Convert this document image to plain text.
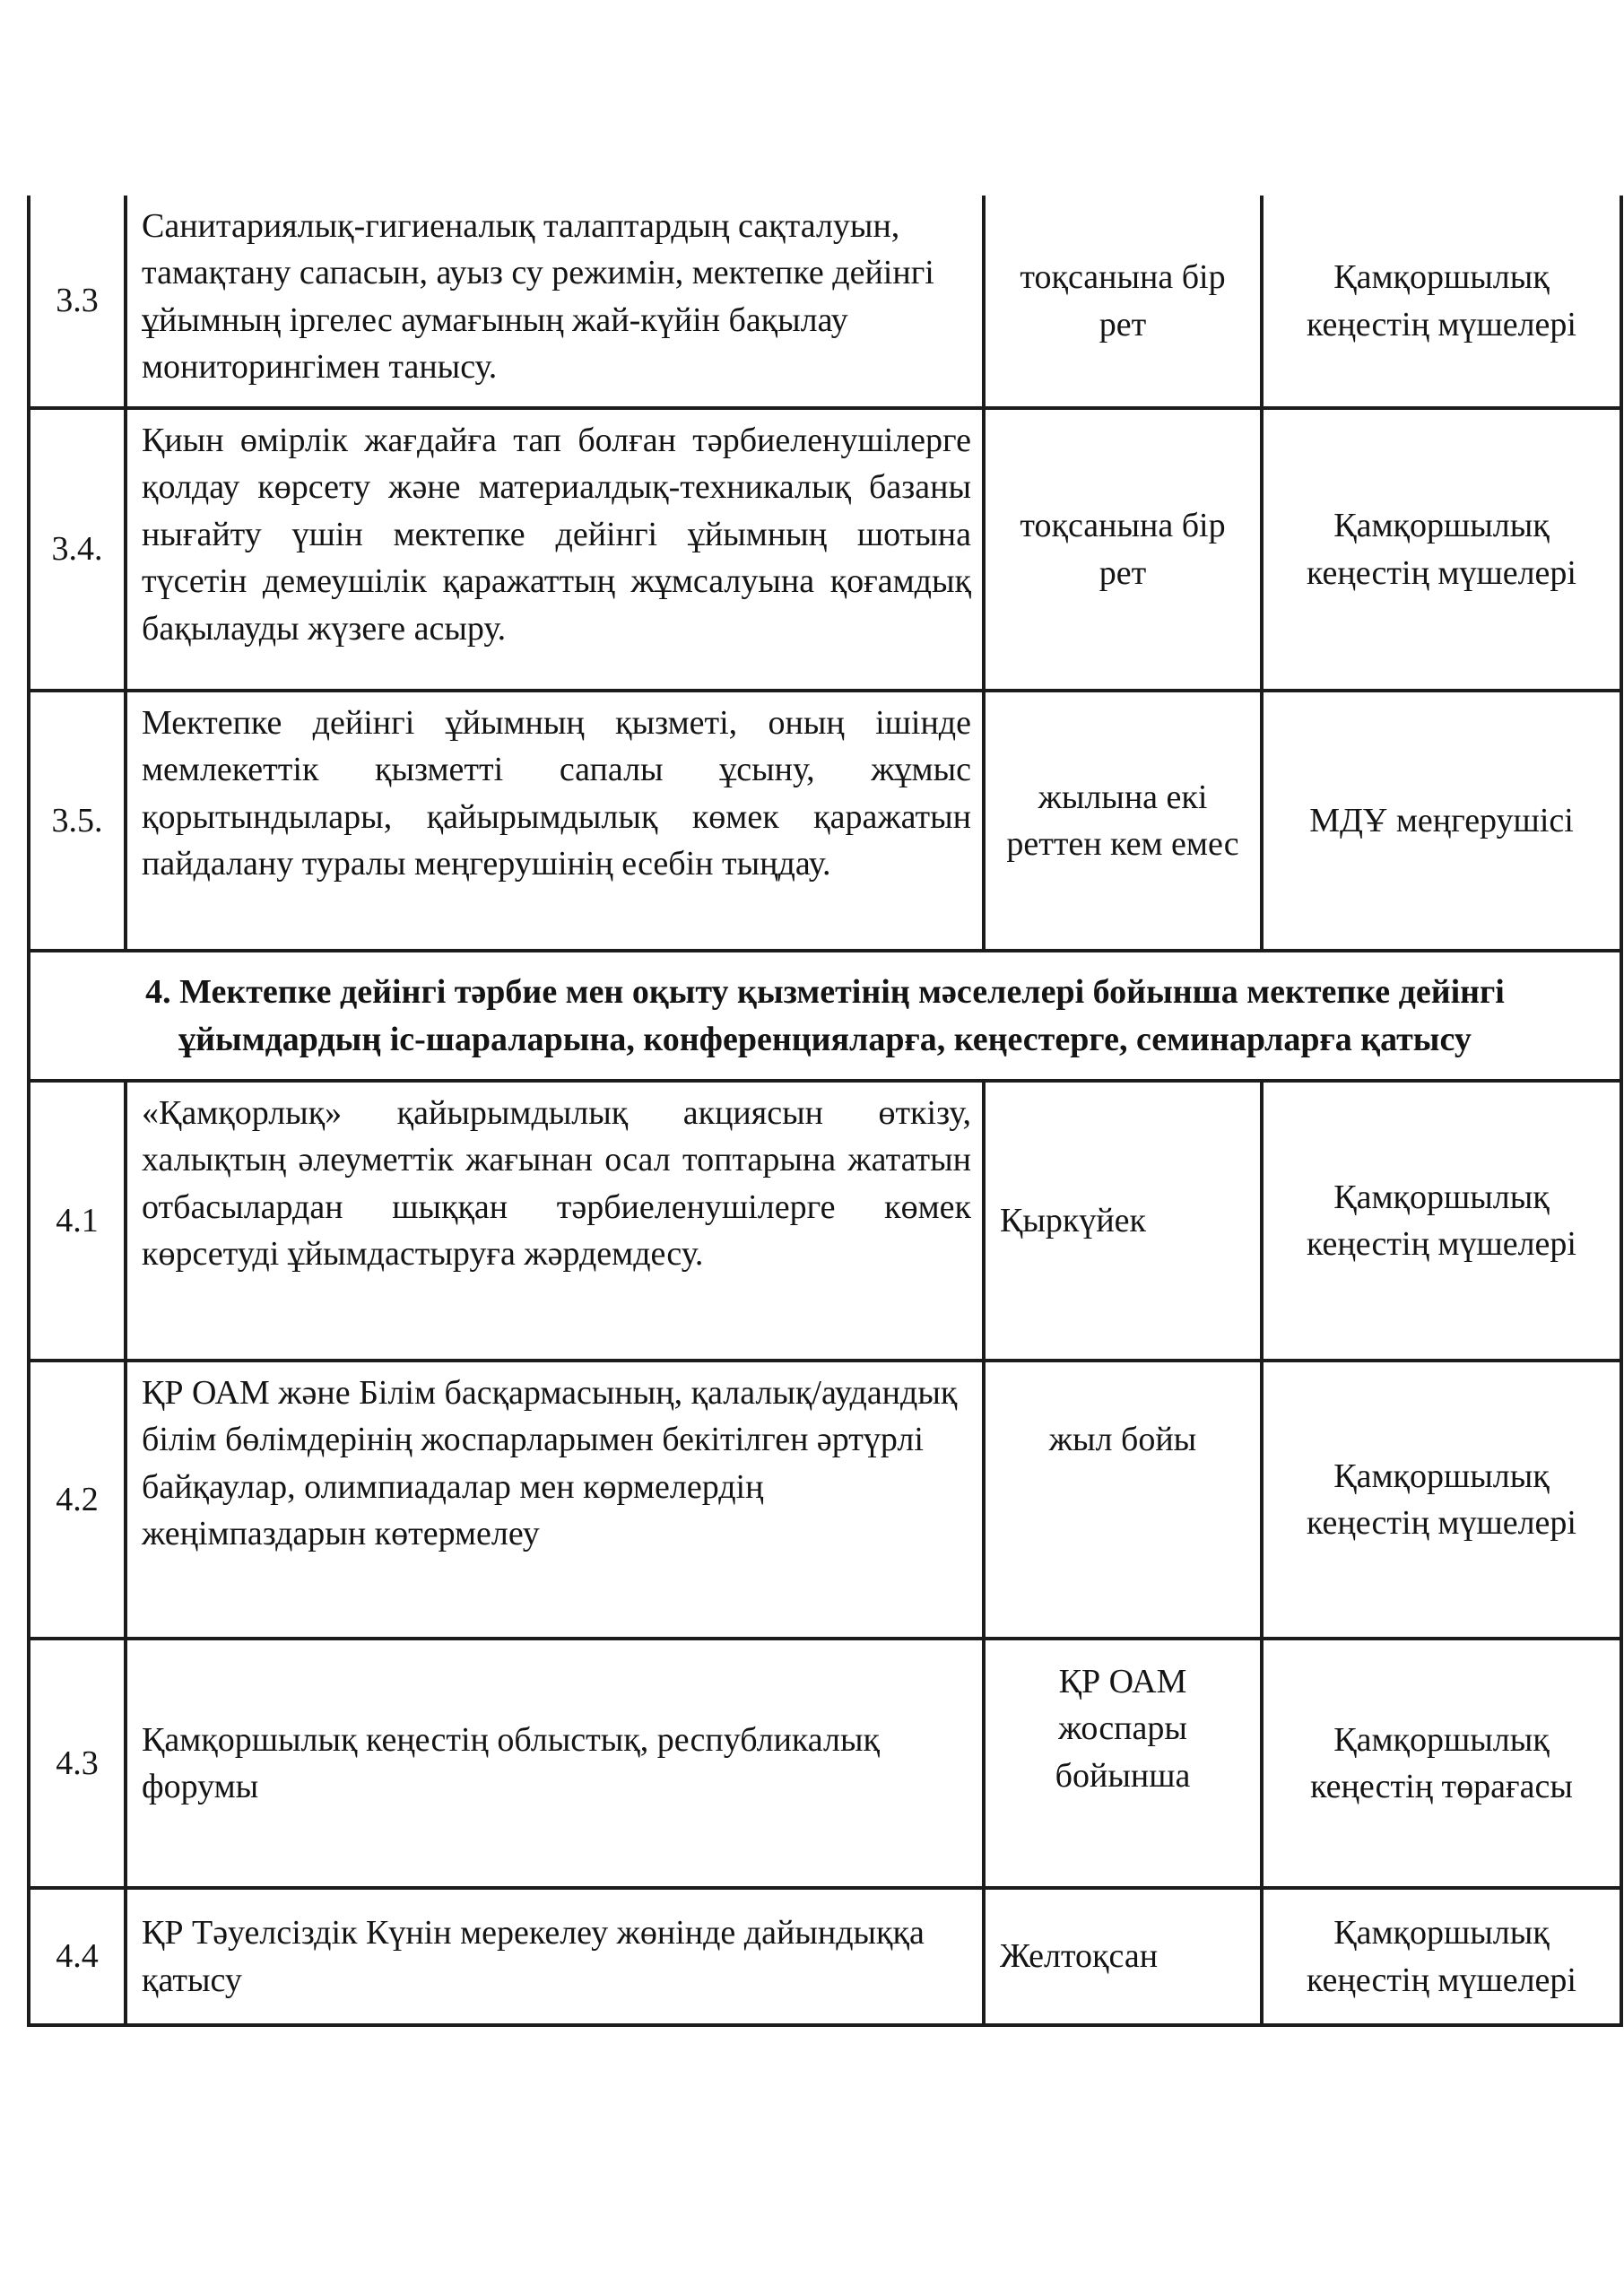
3.3	Санитариялық-гигиеналық талаптардың сақталуын, тамақтану сапасын, ауыз су режимін, мектепке дейінгі ұйымның іргелес аумағының жай-күйін бақылау мониторингімен танысу.	тоқсанына бір рет	Қамқоршылық кеңестің мүшелері
3.4.	Қиын өмірлік жағдайға тап болған тәрбиеленушілерге қолдау көрсету және материалдық-техникалық базаны нығайту үшін мектепке дейінгі ұйымның шотына түсетін демеушілік қаражаттың жұмсалуына қоғамдық бақылауды жүзеге асыру.	тоқсанына бір рет	Қамқоршылық кеңестің мүшелері
3.5.	Мектепке дейінгі ұйымның қызметі, оның ішінде мемлекеттік қызметті сапалы ұсыну, жұмыс қорытындылары, қайырымдылық көмек қаражатын пайдалану туралы меңгерушінің есебін тыңдау.	жылына екі реттен кем емес	МДҰ меңгерушісі
4. Мектепке дейінгі тәрбие мен оқыту қызметінің мәселелері бойынша мектепке дейінгі ұйымдардың іс-шараларына, конференцияларға, кеңестерге, семинарларға қатысу			
4.1	«Қамқорлық» қайырымдылық акциясын өткізу, халықтың әлеуметтік жағынан осал топтарына жататын отбасылардан шыққан тәрбиеленушілерге көмек көрсетуді ұйымдастыруға жәрдемдесу.	Қыркүйек	Қамқоршылық кеңестің мүшелері
4.2	ҚР ОАМ және Білім басқармасының, қалалық/аудандық білім бөлімдерінің жоспарларымен бекітілген әртүрлі байқаулар, олимпиадалар мен көрмелердің жеңімпаздарын көтермелеу	жыл бойы	Қамқоршылық кеңестің мүшелері
4.3	Қамқоршылық кеңестің облыстық, республикалық форумы	ҚР ОАМ жоспары бойынша	Қамқоршылық кеңестің төрағасы
4.4	ҚР Тәуелсіздік Күнін мерекелеу жөнінде дайындыққа қатысу	Желтоқсан	Қамқоршылық кеңестің мүшелері
